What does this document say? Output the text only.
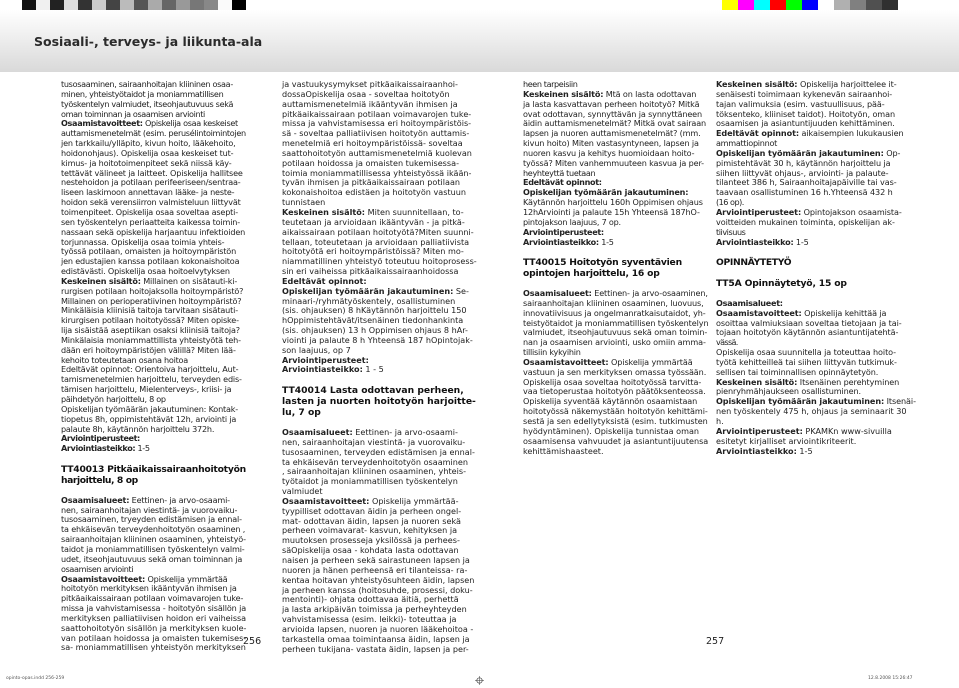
Sosiaali-, terveys- ja liikunta-ala

tusosaaminen, sairaanhoitajan kliininen osaa-

minen, yhteistyötaidot ja moniammatillisen

työskentelyn valmiudet, itseohjautuvuus sekä

oman toiminnan ja osaamisen arviointi

Osaamistavoitteet: Opiskelija osaa keskeiset

auttamismenetelmät (esim. perusélintoimintojen

jen tarkkailu/ylläpito, kivun hoito, lääkehoito,

hoidonohjaus). Opiskelija osaa keskeiset tut-

kimus- ja hoitotoimenpiteet sekä niissä käy-

tettävät välineet ja laitteet. Opiskelija hallitsee

nestehoidon ja potilaan perifeeriseen/sentraa-

liseen laskimoon annettavan lääke- ja neste-

hoidon sekä verensiirron valmisteluun liittyvät

toimenpiteet. Opiskelija osaa soveltaa asepti-

sen työskentelyn periaatteita kaikessa toimin-

nassaan sekä opiskelija harjaantuu infektioiden

torjunnassa. Opiskelija osaa toimia yhteis-

työssä potilaan, omaisten ja hoitoympäristön

jen edustajien kanssa potilaan kokonaishoitoa

edistävästi. Opiskelija osaa hoitoelvytyksen

Keskeinen sisältö: Millainen on sisätauti-ki-

rurgisen potilaan hoitojaksolla hoitoympäristö?

Millainen on perioperatiivinen hoitoympäristö?

Minkäläisia kliinisiä taitoja tarvitaan sisätauti-

kirurgisen potilaan hoitotyössä? Miten opiske-

lija sisäistää aseptiikan osaksi kliinisiä taitoja?

Minkälaisia moniammattillista yhteistyötä teh-

dään eri hoitoympäristöjen välillä? Miten lää-

kehoito toteutetaan osana hoitoa

Edeltävät opinnot: Orientoiva harjoittelu, Aut-

tamismenetelmien harjoittelu, terveyden edis-

tämisen harjoittelu, Mielenterveys-, kriisi- ja

päihdetyön harjoittelu, 8 op

Opiskelijan työmäärän jakautuminen: Kontak-

tiopetus 8h, oppimistehtävät 12h, arviointi ja

palaute 8h, käytännön harjoittelu 372h.

Arviointiperusteet:

Arviointiasteikko: 1-5

TT40013 Pitkäaikaissairaanhoitotyön

harjoittelu, 8 op

Osaamisalueet: Eettinen- ja arvo-osaami-

nen, sairaanhoitajan viestintä- ja vuorovaiku-

tusosaaminen, tryeyden edistämisen ja ennal-

ta ehkäisevän terveydenhoitotyön osaaminen ,

sairaanhoitajan kliininen osaaminen, yhteistyö-

taidot ja moniammatillisen työskentelyn valmi-

udet, itseohjautuvuus sekä oman toiminnan ja

osaamisen arviointi

Osaamistavoitteet: Opiskelija ymmärtää

hoitotyön merkityksen ikääntyvän ihmisen ja

pitkäaikaissairaan potilaan voimavarojen tuke-

missa ja vahvistamisessa - hoitotyön sisällön ja

merkityksen palliatiivisen hoidon eri vaiheissa

saattohoitotyön sisällön ja merkityksen kuole-

van potilaan hoidossa ja omaisten tukemises-

sa- moniammatillisen yhteistyön merkityksen

ja vastuukysymykset pitkäaikaissairaanhoi-

dossaOpiskelija osaa - soveltaa hoitotyön

auttamismenetelmiä ikääntyvän ihmisen ja

pitkäaikaissairaan potilaan voimavarojen tuke-

missa ja vahvistamisessa eri hoitoympäristöis-

sä - soveltaa palliatiivisen hoitotyön auttamis-

menetelmiä eri hoitoympäristöissä- soveltaa

saattohoitotyön auttamismenetelmiä kuolevan

potilaan hoidossa ja omaisten tukemisessa-

toimia moniammatillisessa yhteistyössä ikään-

tyvän ihmisen ja pitkäaikaissairaan potilaan

kokonaishoitoa edistäen ja hoitotyön vastuun

tunnistaen

Keskeinen sisältö: Miten suunnitellaan, to-

teutetaan ja arvioidaan ikääntyvän - ja pitkä-

aikaissairaan potilaan hoitotyötä?Miten suunni-

tellaan, toteutetaan ja arvioidaan palliatiivista

hoitotyötä eri hoitoympäristöissä? Miten mo-

niammatillinen yhteistyö toteutuu hoitoprosess-

sin eri vaiheissa pitkäaikaissairaanhoidossa

Edeltävät opinnot:

Opiskelijan työmäärän jakautuminen: Se-

minaari-/ryhmätyöskentely, osallistuminen

(sis. ohjauksen) 8 hKäytännön harjoittelu 150

hOppimistehtävät/itsenäinen tiedonhankinta

(sis. ohjauksen) 13 h Oppimisen ohjaus 8 hAr-

viointi ja palaute 8 h Yhteensä 187 hOpintojak-

son laajuus, op 7

Arviointiperusteet:

Arviointiasteikko: 1 - 5

TT40014 Lasta odottavan perheen,

lasten ja nuorten hoitotyön harjoitte-

lu, 7 op

Osaamisalueet: Eettinen- ja arvo-osaami-

nen, sairaanhoitajan viestintä- ja vuorovaiku-

tusosaaminen, terveyden edistämisen ja ennal-

ta ehkäisevän terveydenhoitotyön osaaminen

, sairaanhoitajan kliininen osaaminen, yhteis-

työtaidot ja moniammatillisen työskentelyn

valmiudet

Osaamistavoitteet: Opiskelija ymmärtää-

tyypilliset odottavan äidin ja perheen ongel-

mat- odottavan äidin, lapsen ja nuoren sekä

perheen voimavarat- kasvun, kehityksen ja

muutoksen prosesseja yksilössä ja perhees-

säOpiskelija osaa - kohdata lasta odottavan

naisen ja perheen sekä sairastuneen lapsen ja

nuoren ja hänen perheensä eri tilanteissa- ra-

kentaa hoitavan yhteistyösuhteen äidin, lapsen

ja perheen kanssa (hoitosuhde, prosessi, doku-

mentointi)- ohjata odottavaa äitiä, perhettä

ja lasta arkipäivän toimissa ja perheyhteyden

vahvistamisessa (esim. leikki)- toteuttaa ja

arvioida lapsen, nuoren ja nuoren lääkehoitoa -

tarkastella omaa toimintaansa äidin, lapsen ja

perheen tukijana- vastata äidin, lapsen ja per-

heen tarpeisiin

Keskeinen sisältö: Mtä on lasta odottavan

ja lasta kasvattavan perheen hoitotyö? Mitkä

ovat odottavan, synnyttävän ja synnyttäneen

äidin auttamismenetelmät? Mitkä ovat sairaan

lapsen ja nuoren auttamismenetelmät? (mm.

kivun hoito) Miten vastasyntyneen, lapsen ja

nuoren kasvu ja kehitys huomioidaan hoito-

työssä? Miten vanhemmuuteen kasvua ja per-

heyhteyttä tuetaan

Edeltävät opinnot:

Opiskelijan työmäärän jakautuminen:

Käytännön harjoittelu 160h Oppimisen ohjaus

12hArviointi ja palaute 15h Yhteensä 187hO-

pintojakson laajuus, 7 op.

Arviointiperusteet:

Arviointiasteikko: 1-5

TT40015 Hoitotyön syventävien

opintojen harjoittelu, 16 op

Osaamisalueet: Eettinen- ja arvo-osaaminen,

sairaanhoitajan kliininen osaaminen, luovuus,

innovatiivisuus ja ongelmanratkaisutaidot, yh-

teistyötaidot ja moniammatillisen työskentelyn

valmiudet, itseohjautuvuus sekä oman toimin-

nan ja osaamisen arviointi, usko omiin amma-

tillisiin kykyihin

Osaamistavoitteet: Opiskelija ymmärtää

vastuun ja sen merkityksen omassa työssään.

Opiskelija osaa soveltaa hoitotyössä tarvitta-

vaa tietoperustaa hoitotyön päätöksenteossa.

Opiskelija syventää käytännön osaamistaan

hoitotyössä näkemystään hoitotyön kehittämi-

sestä ja sen edellytyksistä (esim. tutkimusten

hyödyntäminen). Opiskelija tunnistaa oman

osaamisensa vahvuudet ja asiantuntijuutensa

kehittämishaasteet.

Keskeinen sisältö: Opiskelija harjoittelee it-

senäisesti toimimaan kykenevän sairaanhoi-

tajan valimuksia (esim. vastuullisuus, pää-

töksenteko, kliiniset taidot). Hoitotyön, oman

osaamisen ja asiantuntijuuden kehittäminen.

Edeltävät opinnot: aikaisempien lukukausien

ammattiopinnot

Opiskelijan työmäärän jakautuminen: Op-

pimistehtävät 30 h, käytännön harjoittelu ja

siihen liittyvät ohjaus-, arviointi- ja palaute-

tilanteet 386 h, Sairaanhoitajapäiville tai vas-

taavaan osallistuminen 16 h.Yhteensä 432 h

(16 op).

Arviointiperusteet: Opintojakson osaamista-

voitteiden mukainen toiminta, opiskelijan ak-

tiivisuus

Arviointiasteikko: 1-5

OPINNÄYTETYÖ

TT5A Opinnäytetyö, 15 op

Osaamisalueet:

Osaamistavoitteet: Opiskelija kehittää ja

osoittaa valmiuksiaan soveltaa tietojaan ja tai-

tojaan hoitotyön käytännön asiantuntijatehtä-

vässä.

Opiskelija osaa suunnitella ja toteuttaa hoito-

työtä kehitteilleä tai siihen liittyvän tutkimuk-

sellisen tai toiminnallisen opinnäytetyön.

Keskeinen sisältö: Itsenäinen perehtyminen

pienryhmähjaukseen osallistuminen.

Opiskelijan työmäärän jakautuminen: Itsenäi-

nen työskentely 475 h, ohjaus ja seminaarit 30

h.

Arviointiperusteet: PKAMKn www-sivuilla

esitetyt kirjalliset arviointikriteerit.

Arviointiasteikko: 1-5

256	257
opinto-opas.indd 256-259	12.8.2008 15:26:47
